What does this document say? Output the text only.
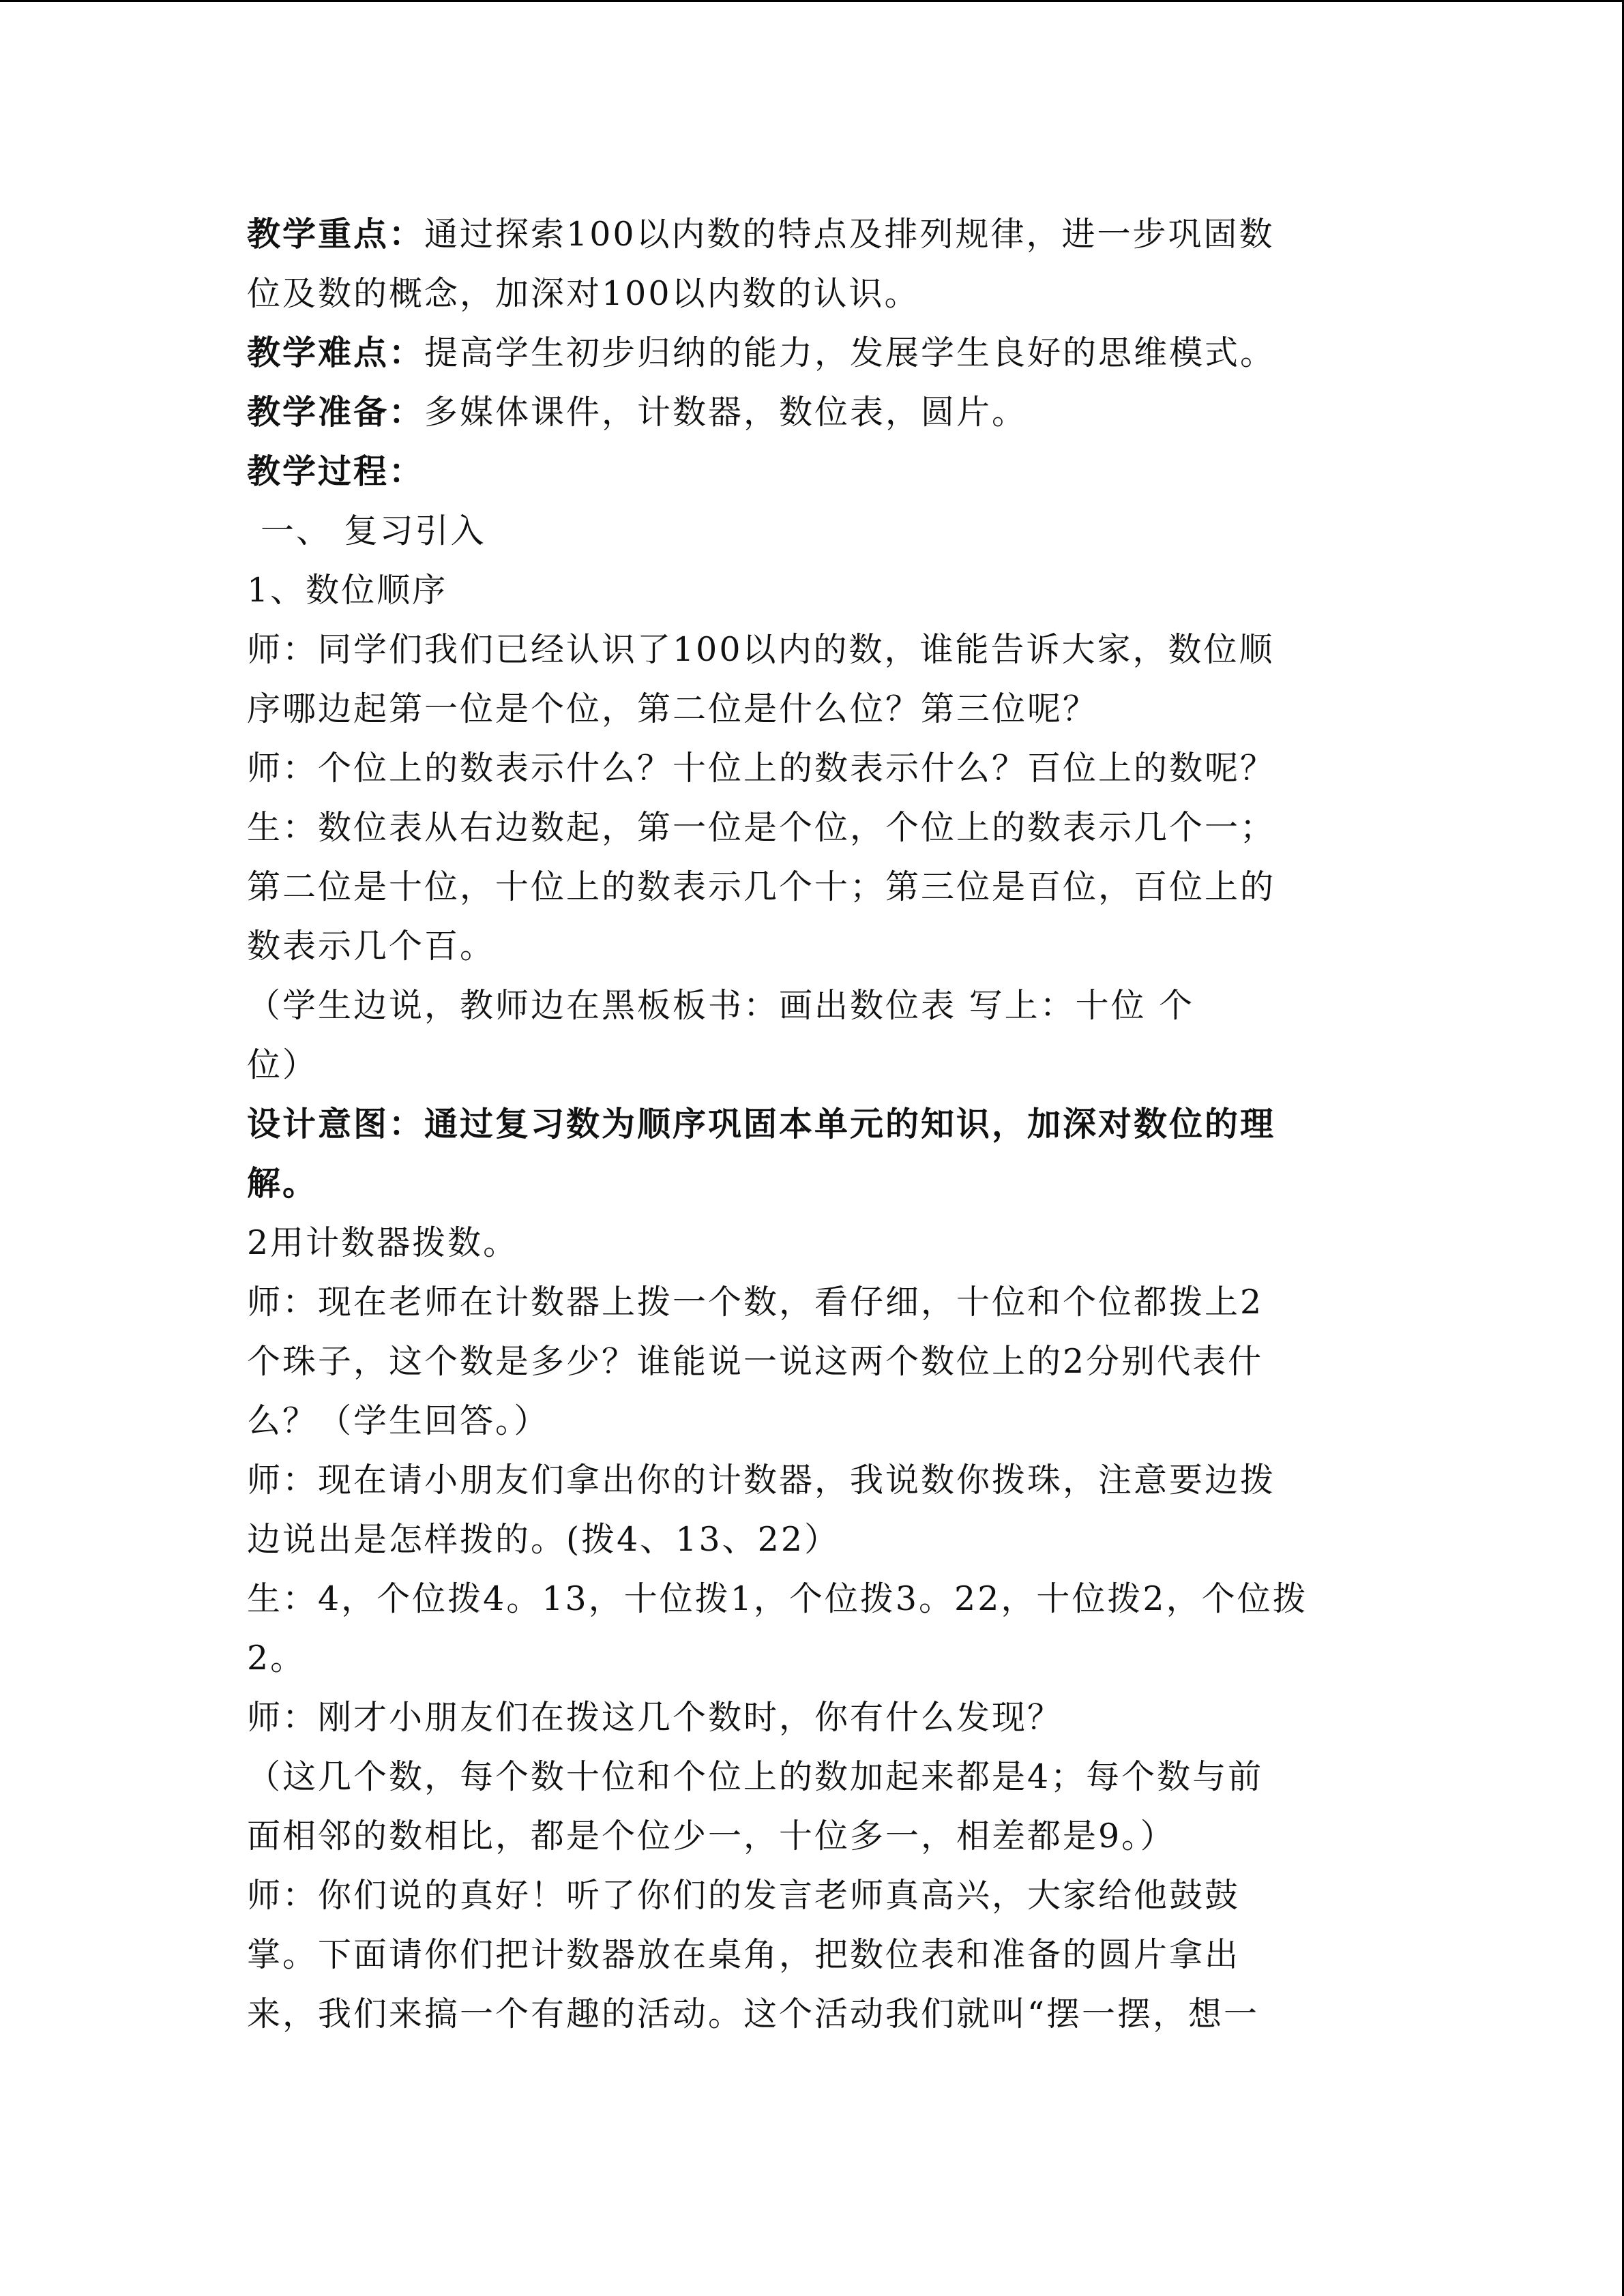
教学重点：通过探索100以内数的特点及排列规律，进一步巩固数
位及数的概念，加深对100以内数的认识。
教学难点：提高学生初步归纳的能力，发展学生良好的思维模式。
教学准备：多媒体课件，计数器，数位表，圆片。
教学过程：
一、 复习引入
1、数位顺序
师：同学们我们已经认识了100以内的数，谁能告诉大家，数位顺
序哪边起第一位是个位，第二位是什么位？第三位呢？
师：个位上的数表示什么？十位上的数表示什么？百位上的数呢？
生：数位表从右边数起，第一位是个位，个位上的数表示几个一；
第二位是十位，十位上的数表示几个十；第三位是百位，百位上的
数表示几个百。
（学生边说，教师边在黑板板书：画出数位表 写上：十位 个
位）
设计意图：通过复习数为顺序巩固本单元的知识，加深对数位的理
解。
2用计数器拨数。
师：现在老师在计数器上拨一个数，看仔细，十位和个位都拨上2
个珠子，这个数是多少？谁能说一说这两个数位上的2分别代表什
么？（学生回答。）
师：现在请小朋友们拿出你的计数器，我说数你拨珠，注意要边拨
边说出是怎样拨的。(拨4、13、22）
生：4，个位拨4。13，十位拨1，个位拨3。22，十位拨2，个位拨
2。
师：刚才小朋友们在拨这几个数时，你有什么发现？
（这几个数，每个数十位和个位上的数加起来都是4；每个数与前
面相邻的数相比，都是个位少一，十位多一，相差都是9。）
师：你们说的真好！听了你们的发言老师真高兴，大家给他鼓鼓
掌。下面请你们把计数器放在桌角，把数位表和准备的圆片拿出
来，我们来搞一个有趣的活动。这个活动我们就叫“摆一摆，想一
